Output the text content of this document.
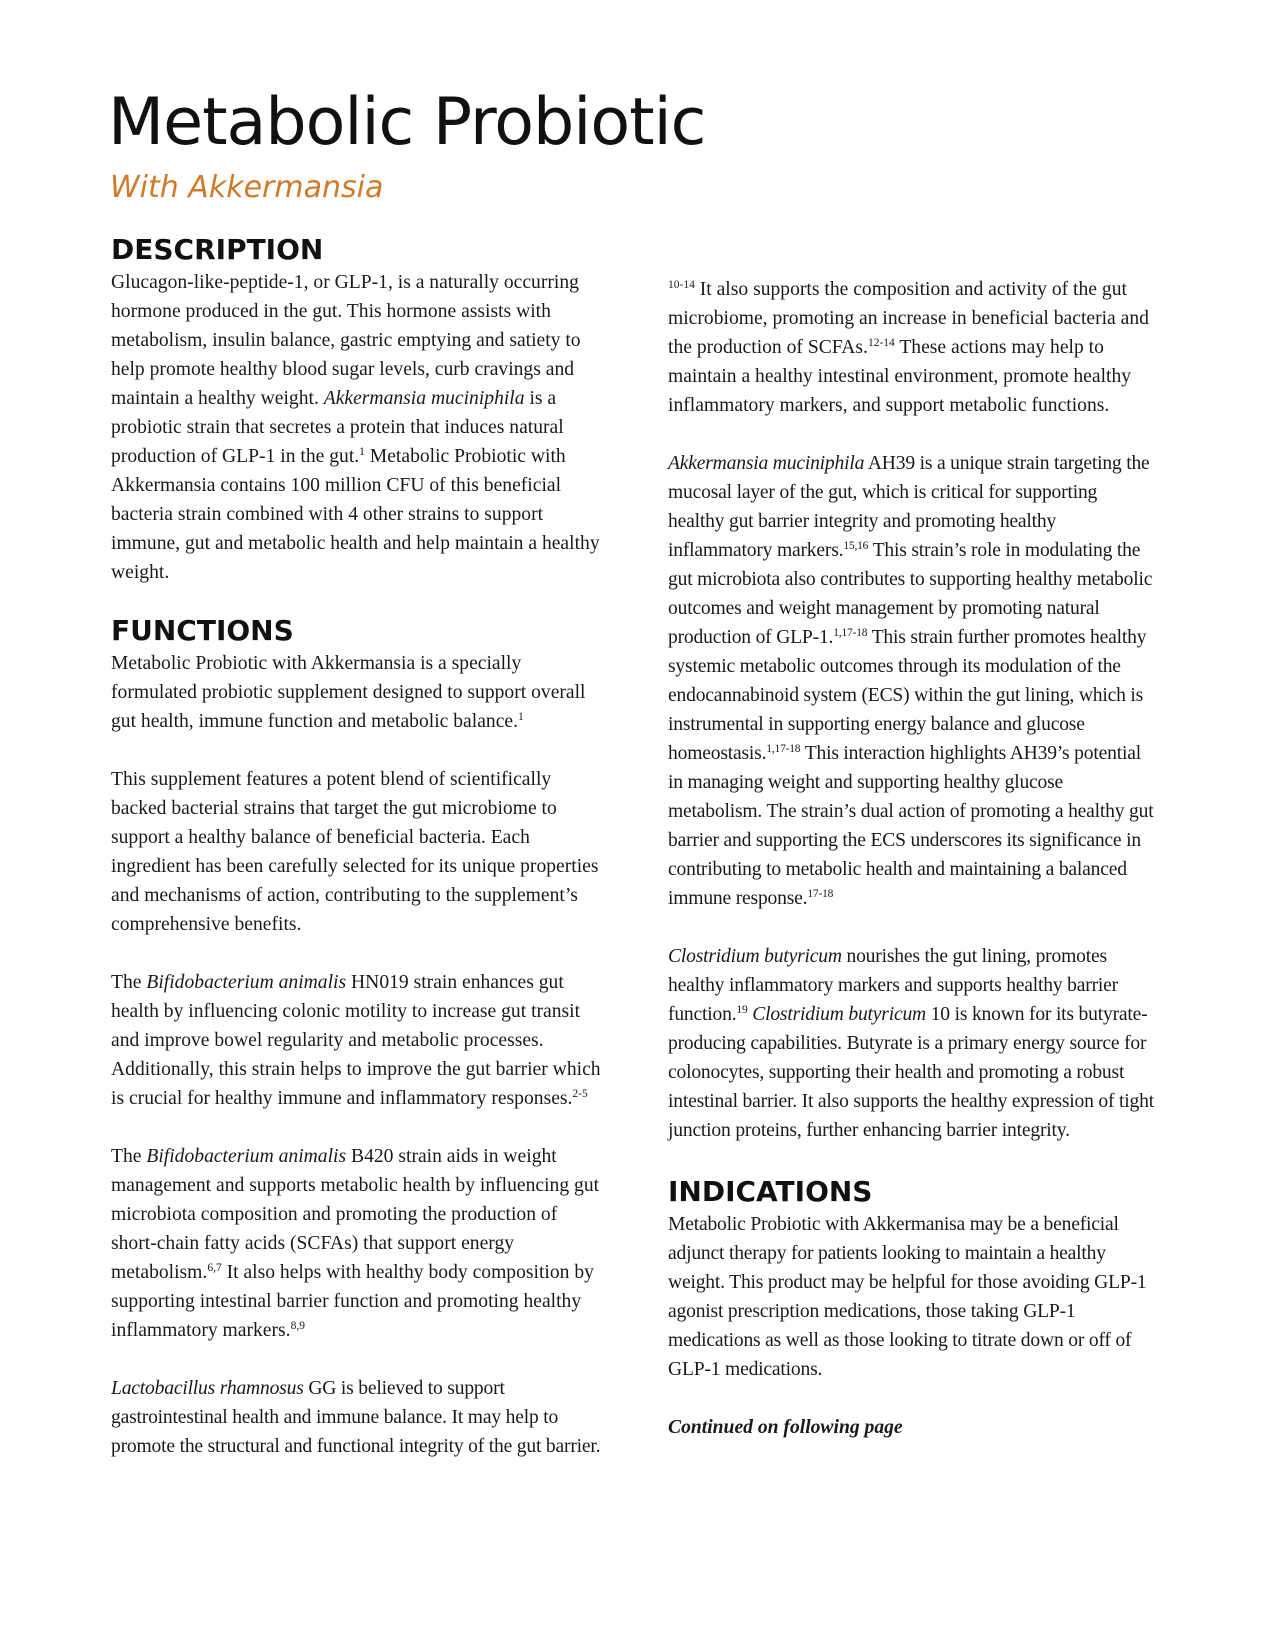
Metabolic Probiotic
With Akkermansia
DESCRIPTION

Glucagon-like-peptide-1, or GLP-1, is a naturally occurring hormone produced in the gut. This hormone assists with metabolism, insulin balance, gastric emptying and satiety to help promote healthy blood sugar levels, curb cravings and maintain a healthy weight. Akkermansia muciniphila is a probiotic strain that secretes a protein that induces natural production of GLP-1 in the gut.$^1$ Metabolic Probiotic with Akkermansia contains 100 million CFU of this beneficial bacteria strain combined with 4 other strains to support immune, gut and metabolic health and help maintain a healthy weight.

FUNCTIONS

Metabolic Probiotic with Akkermansia is a specially formulated probiotic supplement designed to support overall gut health, immune function and metabolic balance.$^1$

This supplement features a potent blend of scientifically backed bacterial strains that target the gut microbiome to support a healthy balance of beneficial bacteria. Each ingredient has been carefully selected for its unique properties and mechanisms of action, contributing to the supplement’s comprehensive benefits.

The Bifidobacterium animalis HN019 strain enhances gut health by influencing colonic motility to increase gut transit and improve bowel regularity and metabolic processes. Additionally, this strain helps to improve the gut barrier which is crucial for healthy immune and inflammatory responses.$^{2-5}$

The Bifidobacterium animalis B420 strain aids in weight management and supports metabolic health by influencing gut microbiota composition and promoting the production of short-chain fatty acids (SCFAs) that support energy metabolism.$^{6,7}$ It also helps with healthy body composition by supporting intestinal barrier function and promoting healthy inflammatory markers.$^{8,9}$

Lactobacillus rhamnosus GG is believed to support gastrointestinal health and immune balance. It may help to promote the structural and functional integrity of the gut barrier.

$^{10-14}$ It also supports the composition and activity of the gut microbiome, promoting an increase in beneficial bacteria and the production of SCFAs.$^{12-14}$ These actions may help to maintain a healthy intestinal environment, promote healthy inflammatory markers, and support metabolic functions.

Akkermansia muciniphila AH39 is a unique strain targeting the mucosal layer of the gut, which is critical for supporting healthy gut barrier integrity and promoting healthy inflammatory markers.$^{15,16}$ This strain’s role in modulating the gut microbiota also contributes to supporting healthy metabolic outcomes and weight management by promoting natural production of GLP-1.$^{1,17-18}$ This strain further promotes healthy systemic metabolic outcomes through its modulation of the endocannabinoid system (ECS) within the gut lining, which is instrumental in supporting energy balance and glucose homeostasis.$^{1,17-18}$ This interaction highlights AH39’s potential in managing weight and supporting healthy glucose metabolism. The strain’s dual action of promoting a healthy gut barrier and supporting the ECS underscores its significance in contributing to metabolic health and maintaining a balanced immune response.$^{17-18}$

Clostridium butyricum nourishes the gut lining, promotes healthy inflammatory markers and supports healthy barrier function.$^{19}$ Clostridium butyricum 10 is known for its butyrate-producing capabilities. Butyrate is a primary energy source for colonocytes, supporting their health and promoting a robust intestinal barrier. It also supports the healthy expression of tight junction proteins, further enhancing barrier integrity.

INDICATIONS

Metabolic Probiotic with Akkermanisa may be a beneficial adjunct therapy for patients looking to maintain a healthy weight. This product may be helpful for those avoiding GLP-1 agonist prescription medications, those taking GLP-1 medications as well as those looking to titrate down or off of GLP-1 medications.

Continued on following page
